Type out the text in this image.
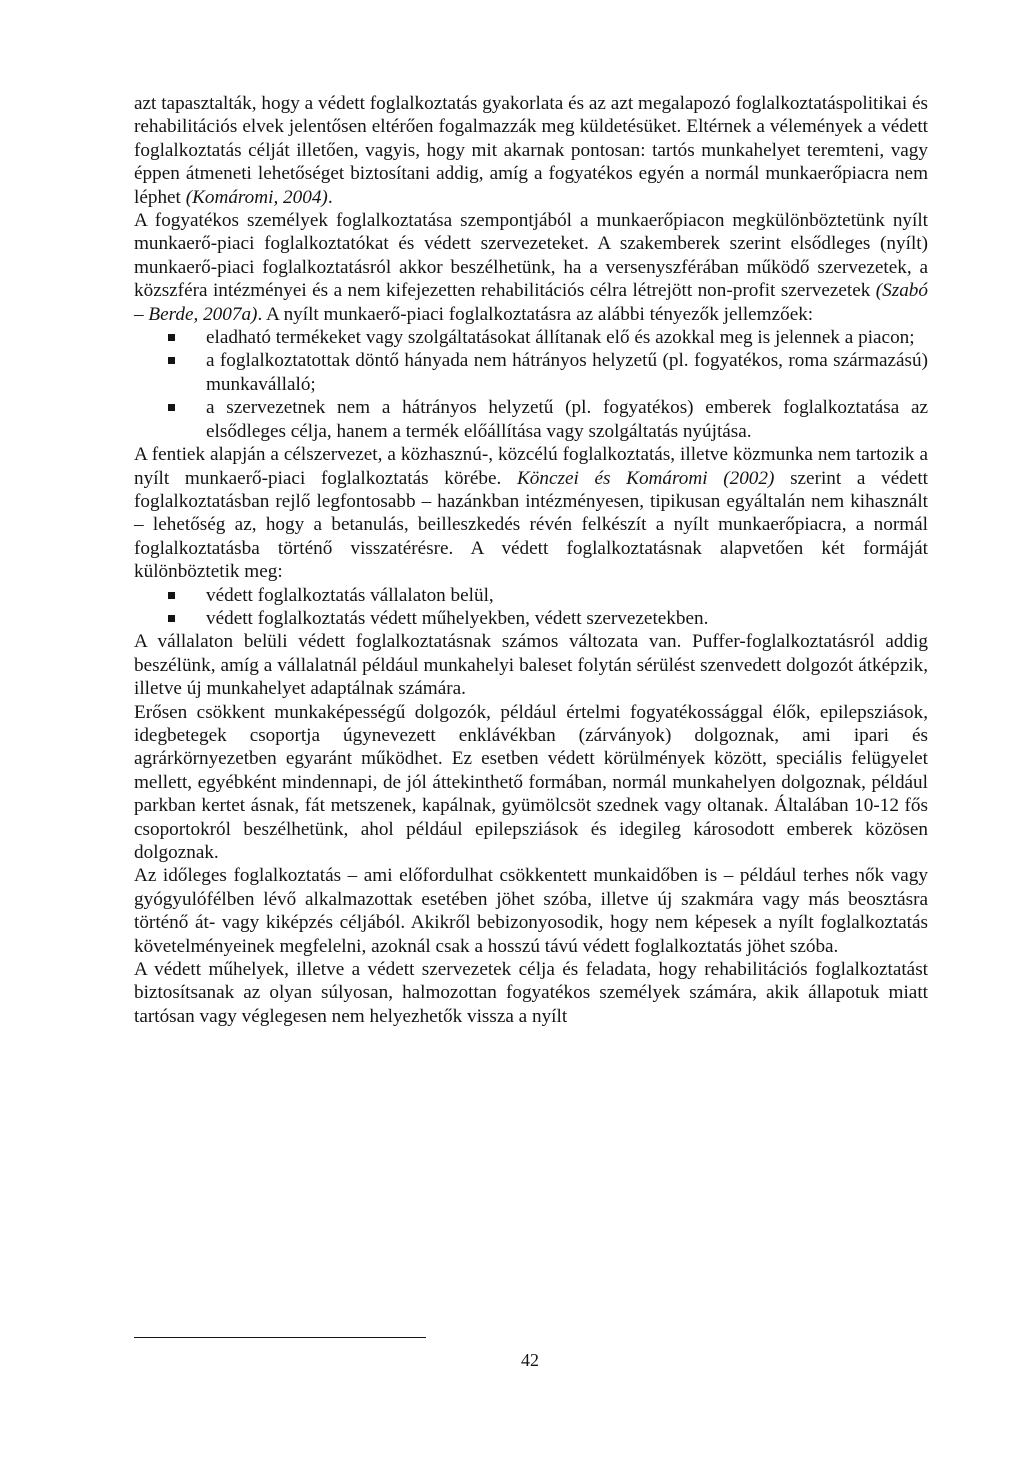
azt tapasztalták, hogy a védett foglalkoztatás gyakorlata és az azt megalapozó foglalkoztatáspolitikai és rehabilitációs elvek jelentősen eltérően fogalmazzák meg küldetésüket. Eltérnek a vélemények a védett foglalkoztatás célját illetően, vagyis, hogy mit akarnak pontosan: tartós munkahelyet teremteni, vagy éppen átmeneti lehetőséget biztosítani addig, amíg a fogyatékos egyén a normál munkaerőpiacra nem léphet (Komáromi, 2004).

A fogyatékos személyek foglalkoztatása szempontjából a munkaerőpiacon megkülönböztetünk nyílt munkaerő-piaci foglalkoztatókat és védett szervezeteket. A szakemberek szerint elsődleges (nyílt) munkaerő-piaci foglalkoztatásról akkor beszélhetünk, ha a versenyszférában működő szervezetek, a közszféra intézményei és a nem kifejezetten rehabilitációs célra létrejött non-profit szervezetek (Szabó – Berde, 2007a). A nyílt munkaerő-piaci foglalkoztatásra az alábbi tényezők jellemzőek:

eladható termékeket vagy szolgáltatásokat állítanak elő és azokkal meg is jelennek a piacon;
a foglalkoztatottak döntő hányada nem hátrányos helyzetű (pl. fogyatékos, roma származású) munkavállaló;
a szervezetnek nem a hátrányos helyzetű (pl. fogyatékos) emberek foglalkoztatása az elsődleges célja, hanem a termék előállítása vagy szolgáltatás nyújtása.

A fentiek alapján a célszervezet, a közhasznú-, közcélú foglalkoztatás, illetve közmunka nem tartozik a nyílt munkaerő-piaci foglalkoztatás körébe. Könczei és Komáromi (2002) szerint a védett foglalkoztatásban rejlő legfontosabb – hazánkban intézményesen, tipikusan egyáltalán nem kihasznált – lehetőség az, hogy a betanulás, beilleszkedés révén felkészít a nyílt munkaerőpiacra, a normál foglalkoztatásba történő visszatérésre. A védett foglalkoztatásnak alapvetően két formáját különböztetik meg:

védett foglalkoztatás vállalaton belül,
védett foglalkoztatás védett műhelyekben, védett szervezetekben.

A vállalaton belüli védett foglalkoztatásnak számos változata van. Puffer-foglalkoztatásról addig beszélünk, amíg a vállalatnál például munkahelyi baleset folytán sérülést szenvedett dolgozót átképzik, illetve új munkahelyet adaptálnak számára.

Erősen csökkent munkaképességű dolgozók, például értelmi fogyatékossággal élők, epilepsziások, idegbetegek csoportja úgynevezett enklávékban (zárványok) dolgoznak, ami ipari és agrárkörnyezetben egyaránt működhet. Ez esetben védett körülmények között, speciális felügyelet mellett, egyébként mindennapi, de jól áttekinthető formában, normál munkahelyen dolgoznak, például parkban kertet ásnak, fát metszenek, kapálnak, gyümölcsöt szednek vagy oltanak. Általában 10-12 fős csoportokról beszélhetünk, ahol például epilepsziások és idegileg károsodott emberek közösen dolgoznak.

Az időleges foglalkoztatás – ami előfordulhat csökkentett munkaidőben is – például terhes nők vagy gyógyulófélben lévő alkalmazottak esetében jöhet szóba, illetve új szakmára vagy más beosztásra történő át- vagy kiképzés céljából. Akikről bebizonyosodik, hogy nem képesek a nyílt foglalkoztatás követelményeinek megfelelni, azoknál csak a hosszú távú védett foglalkoztatás jöhet szóba.

A védett műhelyek, illetve a védett szervezetek célja és feladata, hogy rehabilitációs foglalkoztatást biztosítsanak az olyan súlyosan, halmozottan fogyatékos személyek számára, akik állapotuk miatt tartósan vagy véglegesen nem helyezhetők vissza a nyílt

42
